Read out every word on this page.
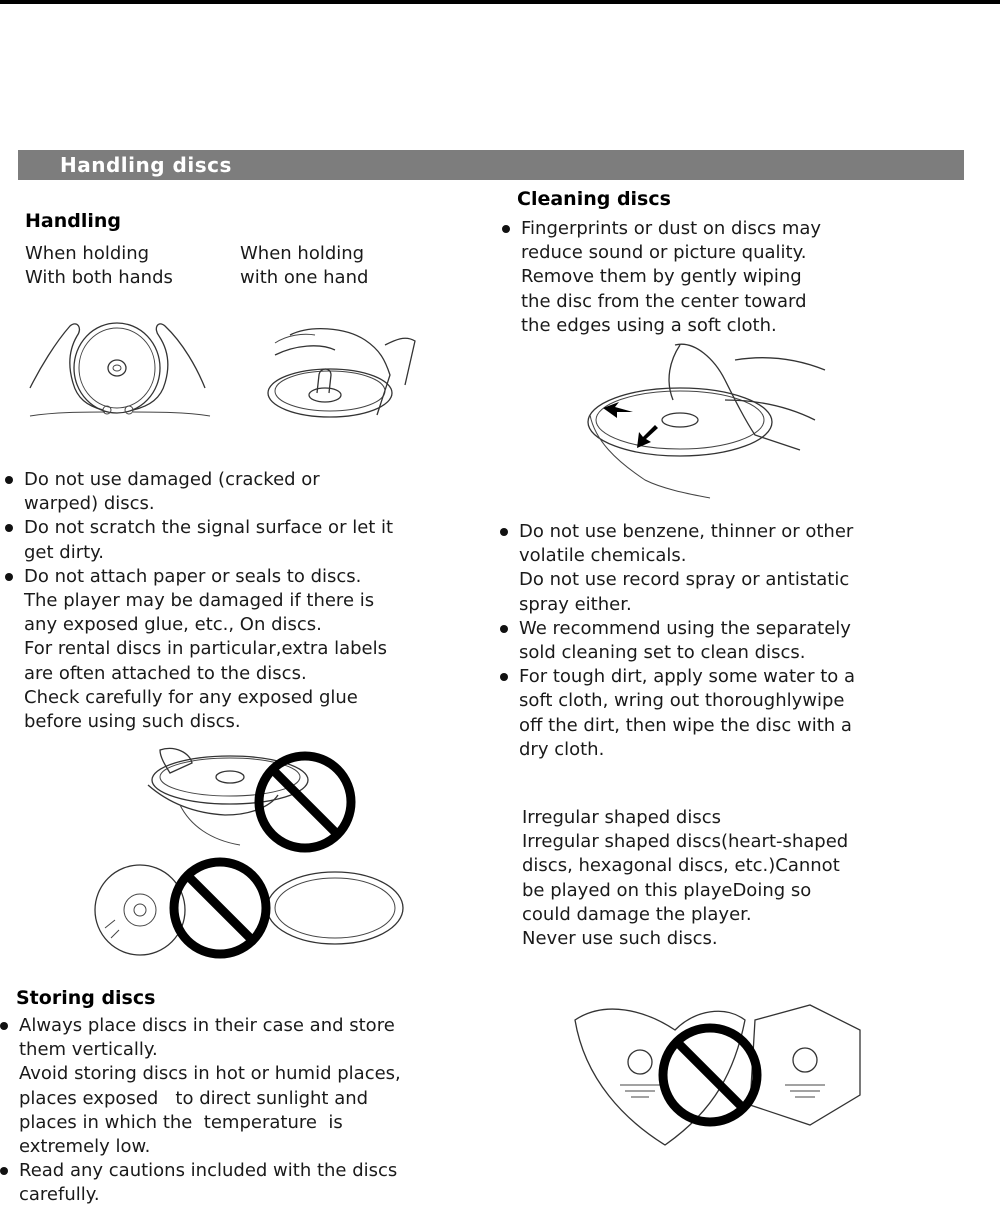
Handling discs
Handling
When holding
With both hands
When holding
with one hand
Do not use damaged (cracked or
warped) discs.
Do not scratch the signal surface or let it
get dirty.
Do not attach paper or seals to discs.
The player may be damaged if there is
any exposed glue, etc., On discs.
For rental discs in particular,extra labels
are often attached to the discs.
Check carefully for any exposed glue
before using such discs.
Storing discs
Always place discs in their case and store
them vertically.
Avoid storing discs in hot or humid places,
places exposed   to direct sunlight and
places in which the  temperature  is
extremely low.
Read any cautions included with the discs
carefully.
Cleaning discs
Fingerprints or dust on discs may
reduce sound or picture quality.
Remove them by gently wiping
the disc from the center toward
the edges using a soft cloth.
Do not use benzene, thinner or other
volatile chemicals.
Do not use record spray or antistatic
spray either.
We recommend using the separately
sold cleaning set to clean discs.
For tough dirt, apply some water to a
soft cloth, wring out thoroughlywipe
off the dirt, then wipe the disc with a
dry cloth.
Irregular shaped discs
Irregular shaped discs(heart-shaped
discs, hexagonal discs, etc.)Cannot
be played on this playeDoing so
could damage the player.
Never use such discs.
